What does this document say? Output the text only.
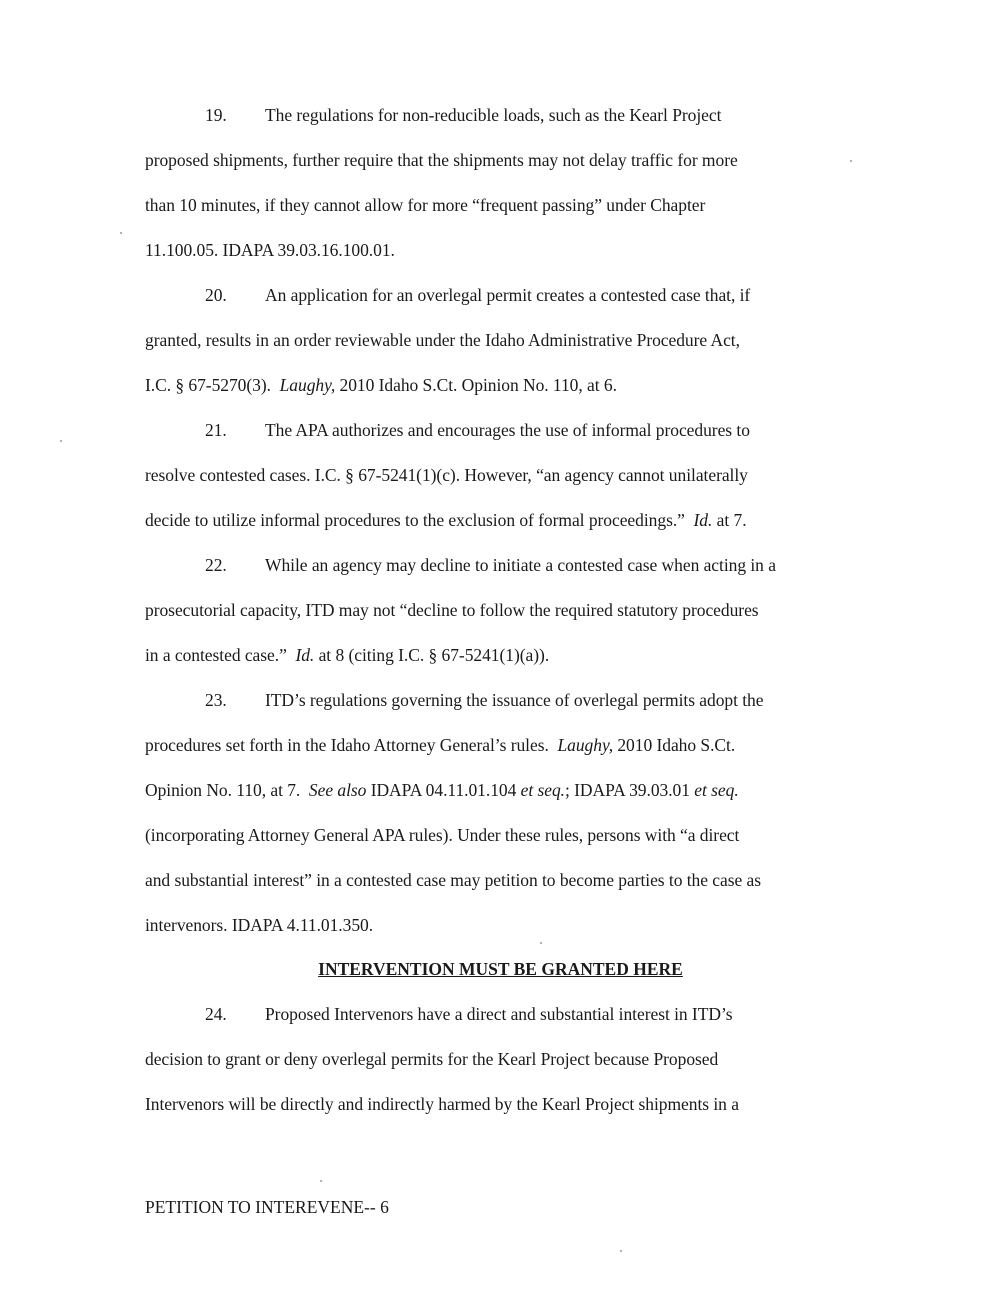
19. The regulations for non-reducible loads, such as the Kearl Project
proposed shipments, further require that the shipments may not delay traffic for more
than 10 minutes, if they cannot allow for more “frequent passing” under Chapter
11.100.05. IDAPA 39.03.16.100.01.
20. An application for an overlegal permit creates a contested case that, if
granted, results in an order reviewable under the Idaho Administrative Procedure Act,
I.C. § 67-5270(3). Laughy, 2010 Idaho S.Ct. Opinion No. 110, at 6.
21. The APA authorizes and encourages the use of informal procedures to
resolve contested cases. I.C. § 67-5241(1)(c). However, “an agency cannot unilaterally
decide to utilize informal procedures to the exclusion of formal proceedings.” Id. at 7.
22. While an agency may decline to initiate a contested case when acting in a
prosecutorial capacity, ITD may not “decline to follow the required statutory procedures
in a contested case.” Id. at 8 (citing I.C. § 67-5241(1)(a)).
23. ITD’s regulations governing the issuance of overlegal permits adopt the
procedures set forth in the Idaho Attorney General’s rules. Laughy, 2010 Idaho S.Ct.
Opinion No. 110, at 7. See also IDAPA 04.11.01.104 et seq.; IDAPA 39.03.01 et seq.
(incorporating Attorney General APA rules). Under these rules, persons with “a direct
and substantial interest” in a contested case may petition to become parties to the case as
intervenors. IDAPA 4.11.01.350.
INTERVENTION MUST BE GRANTED HERE
24. Proposed Intervenors have a direct and substantial interest in ITD’s
decision to grant or deny overlegal permits for the Kearl Project because Proposed
Intervenors will be directly and indirectly harmed by the Kearl Project shipments in a
PETITION TO INTEREVENE-- 6
